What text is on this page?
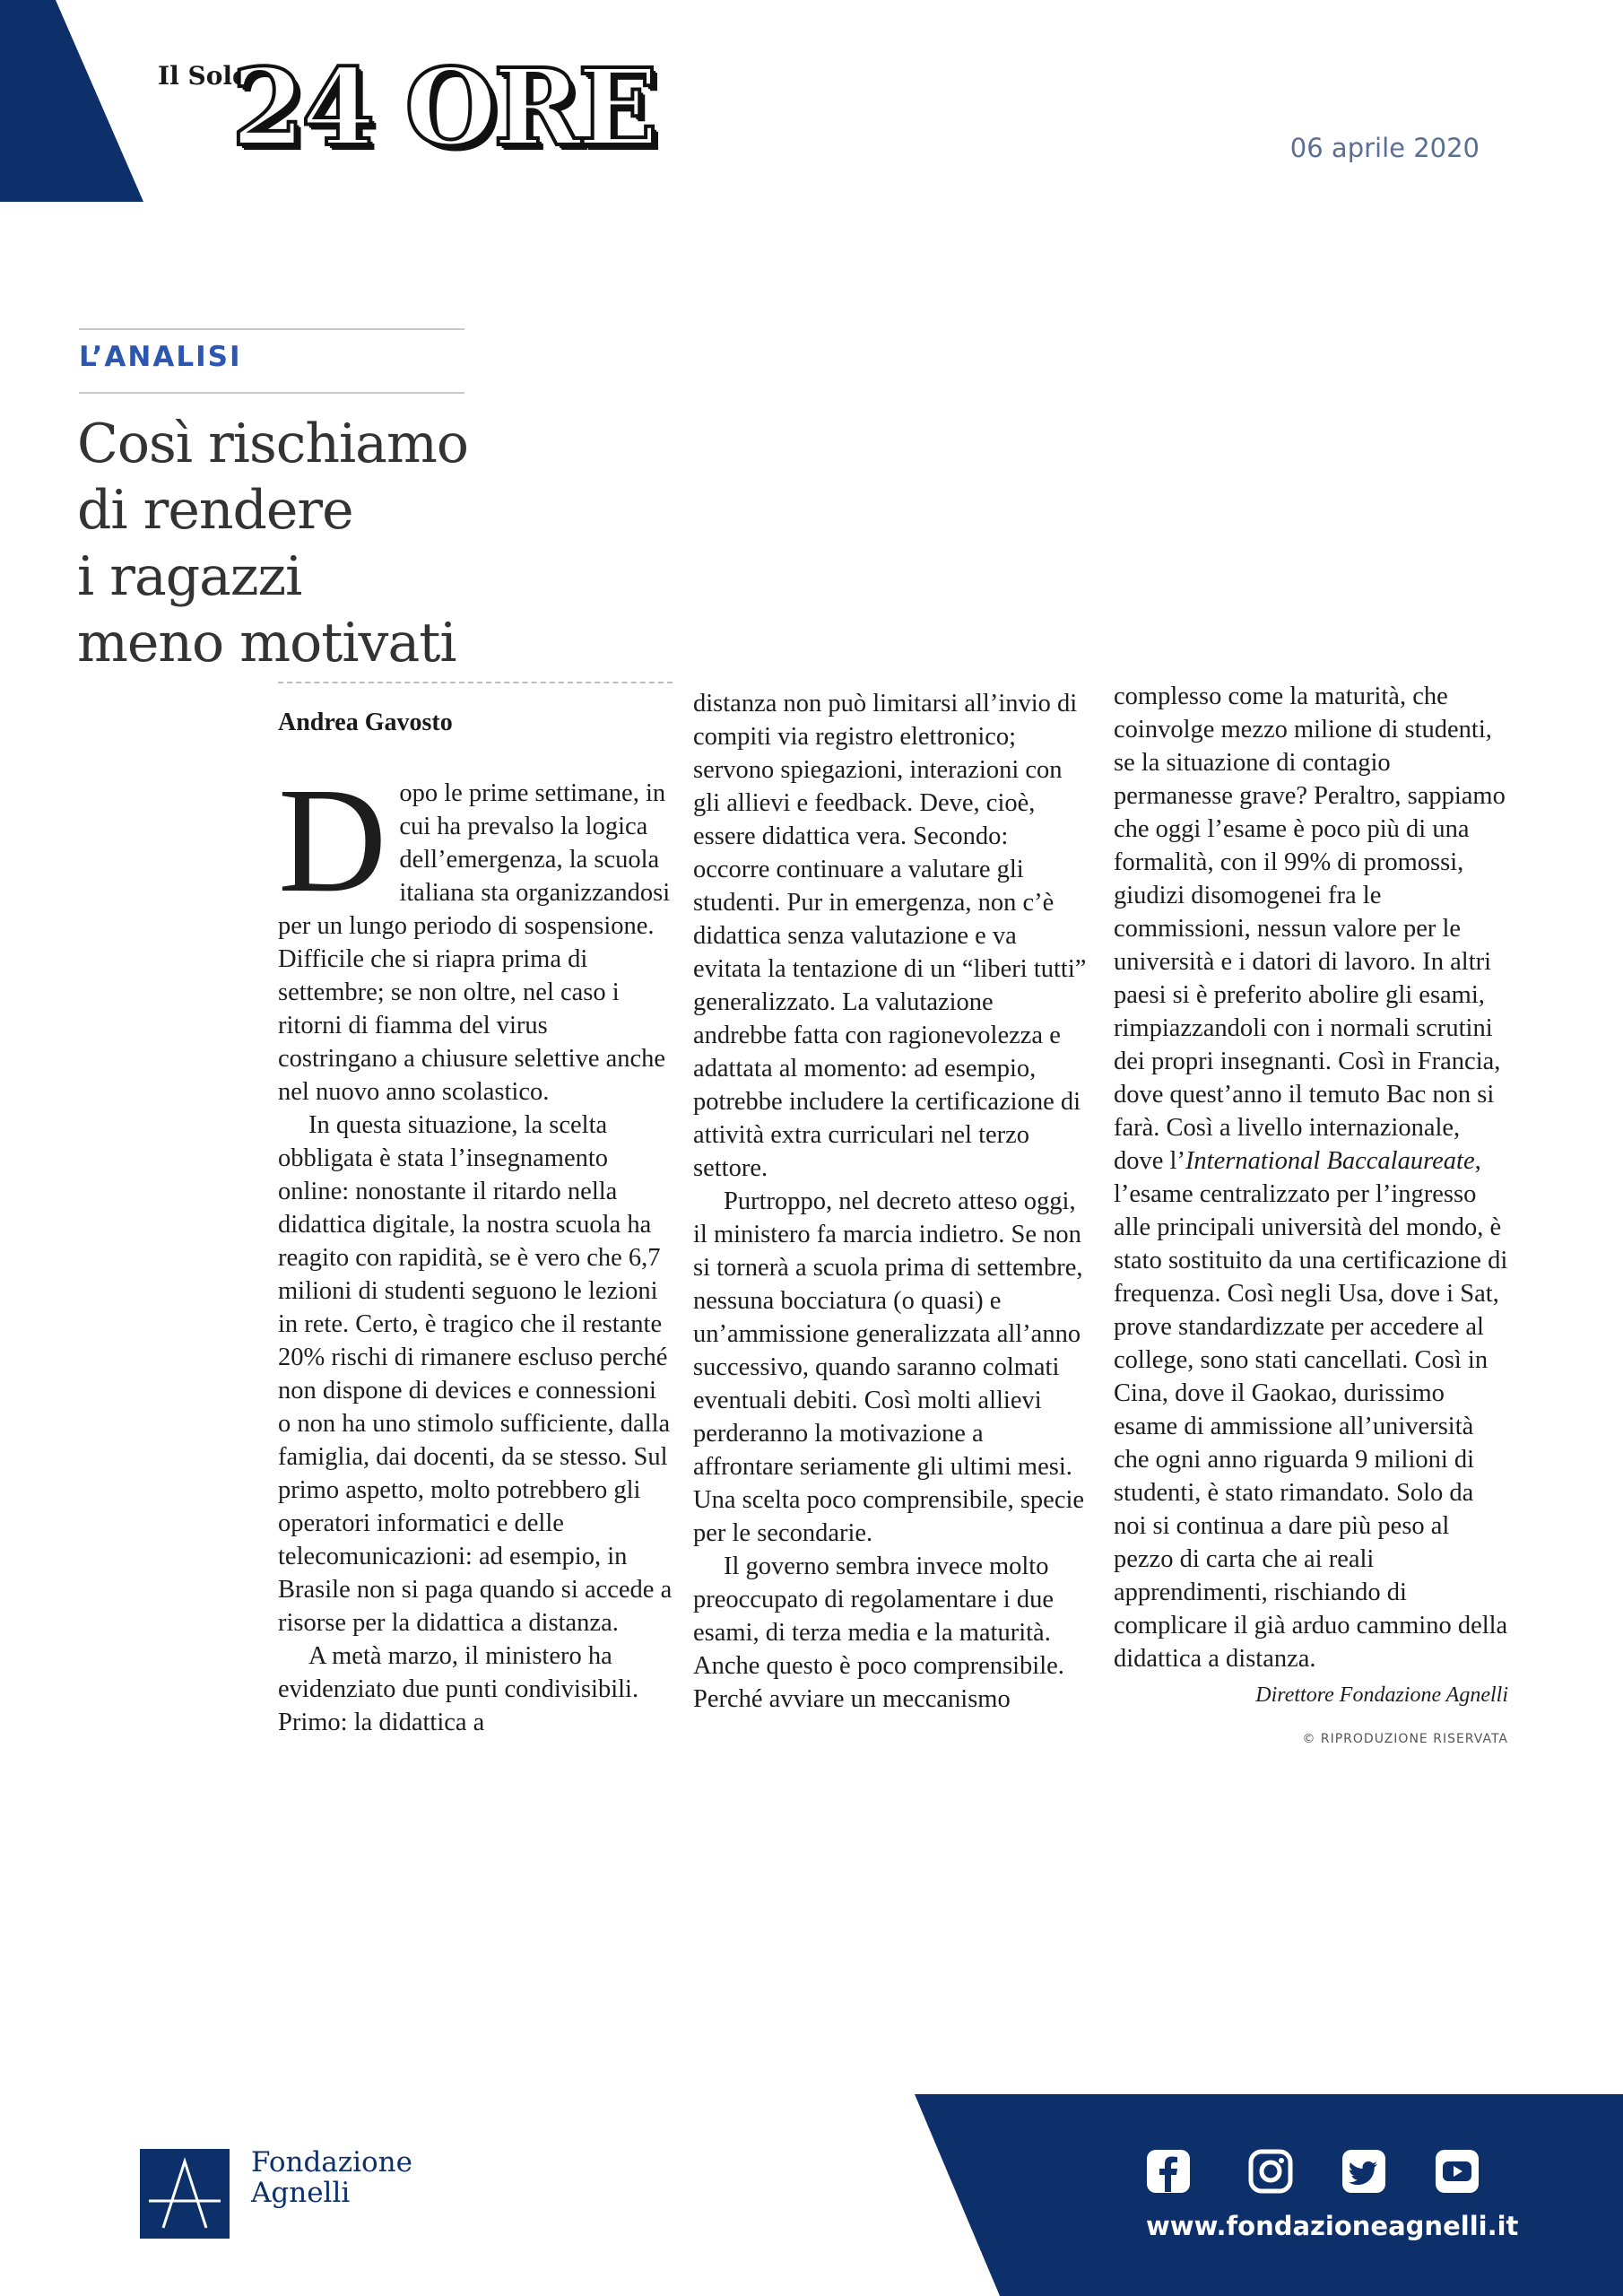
Il Sole
24 ORE	06 aprile 2020
L’ANALISI
Così rischiamo
di rendere
i ragazzi
meno motivati
Andrea Gavosto

Dopo le prime settimane, in cui ha prevalso la logica dell’emergenza, la scuola italiana sta organizzandosi per un lungo periodo di sospensione. Difficile che si riapra prima di settembre; se non oltre, nel caso i ritorni di fiamma del virus costringano a chiusure selettive anche nel nuovo anno scolastico.

In questa situazione, la scelta obbligata è stata l’insegnamento online: nonostante il ritardo nella didattica digitale, la nostra scuola ha reagito con rapidità, se è vero che 6,7 milioni di studenti seguono le lezioni in rete. Certo, è tragico che il restante 20% rischi di rimanere escluso perché non dispone di devices e connessioni o non ha uno stimolo sufficiente, dalla famiglia, dai docenti, da se stesso. Sul primo aspetto, molto potrebbero gli operatori informatici e delle telecomunicazioni: ad esempio, in Brasile non si paga quando si accede a risorse per la didattica a distanza.

A metà marzo, il ministero ha evidenziato due punti condivisibili. Primo: la didattica a

distanza non può limitarsi all’invio di compiti via registro elettronico; servono spiegazioni, interazioni con gli allievi e feedback. Deve, cioè, essere didattica vera. Secondo: occorre continuare a valutare gli studenti. Pur in emergenza, non c’è didattica senza valutazione e va evitata la tentazione di un “liberi tutti” generalizzato. La valutazione andrebbe fatta con ragionevolezza e adattata al momento: ad esempio, potrebbe includere la certificazione di attività extra curriculari nel terzo settore.

Purtroppo, nel decreto atteso oggi, il ministero fa marcia indietro. Se non si tornerà a scuola prima di settembre, nessuna bocciatura (o quasi) e un’ammissione generalizzata all’anno successivo, quando saranno colmati eventuali debiti. Così molti allievi perderanno la motivazione a affrontare seriamente gli ultimi mesi. Una scelta poco comprensibile, specie per le secondarie.

Il governo sembra invece molto preoccupato di regolamentare i due esami, di terza media e la maturità. Anche questo è poco comprensibile. Perché avviare un meccanismo

complesso come la maturità, che coinvolge mezzo milione di studenti, se la situazione di contagio permanesse grave? Peraltro, sappiamo che oggi l’esame è poco più di una formalità, con il 99% di promossi, giudizi disomogenei fra le commissioni, nessun valore per le università e i datori di lavoro. In altri paesi si è preferito abolire gli esami, rimpiazzandoli con i normali scrutini dei propri insegnanti. Così in Francia, dove quest’anno il temuto Bac non si farà. Così a livello internazionale, dove l’International Baccalaureate, l’esame centralizzato per l’ingresso alle principali università del mondo, è stato sostituito da una certificazione di frequenza. Così negli Usa, dove i Sat, prove standardizzate per accedere al college, sono stati cancellati. Così in Cina, dove il Gaokao, durissimo esame di ammissione all’università che ogni anno riguarda 9 milioni di studenti, è stato rimandato. Solo da noi si continua a dare più peso al pezzo di carta che ai reali apprendimenti, rischiando di complicare il già arduo cammino della didattica a distanza.

Direttore Fondazione Agnelli
© RIPRODUZIONE RISERVATA
Fondazione
Agnelli
www.fondazioneagnelli.it
